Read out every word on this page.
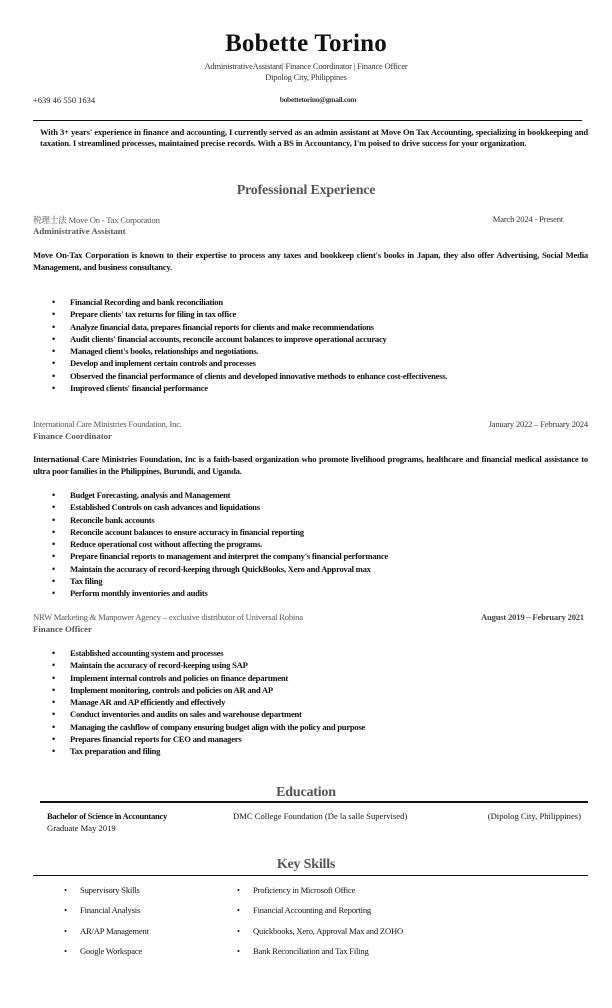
Bobette Torino
AdministrativeAssistant| Finance Coordinator | Finance Officer
Dipolog City, Philippines
+639 46 550 1634	bobettetorino@gmail.com
With 3+ years' experience in finance and accounting, I currently served as an admin assistant at Move On Tax Accounting, specializing in bookkeeping and taxation. I streamlined processes, maintained precise records. With a BS in Accountancy, I'm poised to drive success for your organization.
Professional Experience
税理士法 Move On - Tax Corporation	March 2024 - Present
Administrative Assistant
Move On-Tax Corporation is known to their expertise to process any taxes and bookkeep client's books in Japan, they also offer Advertising, Social Media Management, and business consultancy.
• Financial Recording and bank reconciliation
• Prepare clients' tax returns for filing in tax office
• Analyze financial data, prepares financial reports for clients and make recommendations
• Audit clients' financial accounts, reconcile account balances to improve operational accuracy
• Managed client's books, relationships and negotiations.
• Develop and implement certain controls and processes
• Observed the financial performance of clients and developed innovative methods to enhance cost-effectiveness.
• Improved clients' financial performance
International Care Ministries Foundation, Inc.	January 2022 – February 2024
Finance Coordinator
International Care Ministries Foundation, Inc is a faith-based organization who promote livelihood programs, healthcare and financial medical assistance to ultra poor families in the Philippines, Burundi, and Uganda.
• Budget Forecasting, analysis and Management
• Established Controls on cash advances and liquidations
• Reconcile bank accounts
• Reconcile account balances to ensure accuracy in financial reporting
• Reduce operational cost without affecting the programs.
• Prepare financial reports to management and interpret the company's financial performance
• Maintain the accuracy of record-keeping through QuickBooks, Xero and Approval max
• Tax filing
• Perform monthly inventories and audits
NRW Marketing & Manpower Agency – exclusive distributor of Universal Robina	August 2019 – February 2021
Finance Officer
• Established accounting system and processes
• Maintain the accuracy of record-keeping using SAP
• Implement internal controls and policies on finance department
• Implement monitoring, controls and policies on AR and AP
• Manage AR and AP efficiently and effectively
• Conduct inventories and audits on sales and warehouse department
• Managing the cashflow of company ensuring budget align with the policy and purpose
• Prepares financial reports for CEO and managers
• Tax preparation and filing
Education
Bachelor of Science in Accountancy
Graduate May 2019
DMC College Foundation (De la salle Supervised)	(Dipolog City, Philippines)
Key Skills
• Supervisory Skills
• Financial Analysis
• AR/AP Management
• Google Workspace
• Proficiency in Microsoft Office
• Financial Accounting and Reporting
• Quickbooks, Xero, Approval Max and ZOHO
• Bank Reconciliation and Tax Filing
